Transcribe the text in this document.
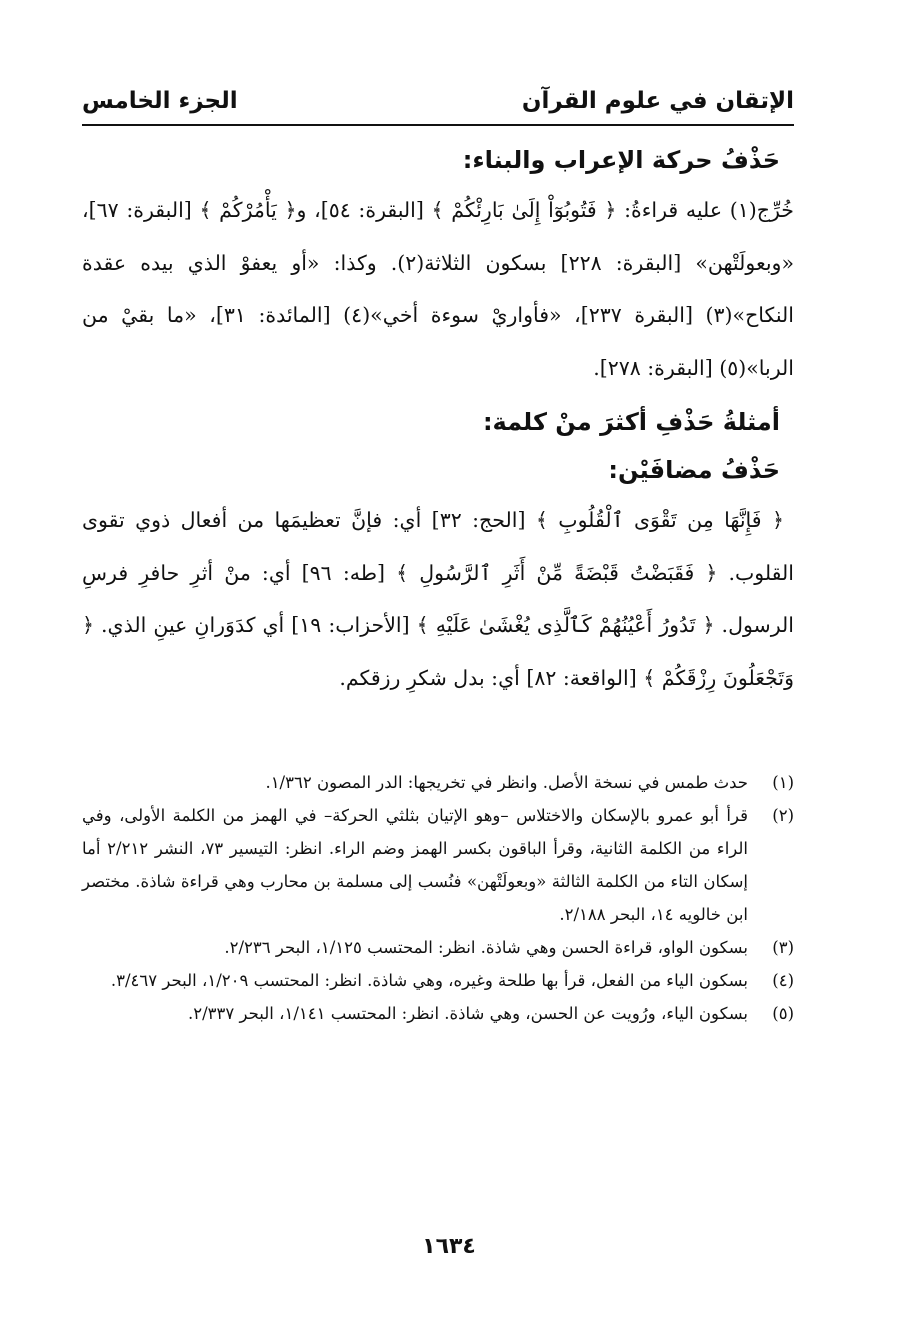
الإتقان في علوم القرآن
الجزء الخامس
حَذْفُ حركة الإعراب والبناء:

خُرِّج(١) عليه قراءةُ: ﴿ فَتُوبُوٓاْ إِلَىٰ بَارِئْكُمْ ﴾ [البقرة: ٥٤]، و﴿ يَأْمُرْكُمْ ﴾ [البقرة: ٦٧]، «وبعولَتْهن» [البقرة: ٢٢٨] بسكون الثلاثة(٢). وكذا: «أو يعفوْ الذي بيده عقدة النكاح»(٣) [البقرة ٢٣٧]، «فأواريْ سوءة أخي»(٤) [المائدة: ٣١]، «ما بقيْ من الربا»(٥) [البقرة: ٢٧٨].

أمثلةُ حَذْفِ أكثرَ منْ كلمة:
حَذْفُ مضافَيْن:

﴿ فَإِنَّهَا مِن تَقْوَى ٱلْقُلُوبِ ﴾ [الحج: ٣٢] أي: فإنَّ تعظيمَها من أفعال ذوي تقوى القلوب. ﴿ فَقَبَضْتُ قَبْضَةً مِّنْ أَثَرِ ٱلرَّسُولِ ﴾ [طه: ٩٦] أي: منْ أثرِ حافرِ فرسِ الرسول. ﴿ تَدُورُ أَعْيُنُهُمْ كَٱلَّذِى يُغْشَىٰ عَلَيْهِ ﴾ [الأحزاب: ١٩] أي كدَوَرانِ عينِ الذي. ﴿ وَتَجْعَلُونَ رِزْقَكُمْ ﴾ [الواقعة: ٨٢] أي: بدل شكرِ رزقكم.

(١)حدث طمس في نسخة الأصل. وانظر في تخريجها: الدر المصون ١/٣٦٢.

(٢)قرأ أبو عمرو بالإسكان والاختلاس –وهو الإتيان بثلثي الحركة– في الهمز من الكلمة الأولى، وفي الراء من الكلمة الثانية، وقرأ الباقون بكسر الهمز وضم الراء. انظر: التيسير ٧٣، النشر ٢/٢١٢ أما إسكان التاء من الكلمة الثالثة «وبعولَتْهن» فنُسب إلى مسلمة بن محارب وهي قراءة شاذة. مختصر ابن خالويه ١٤، البحر ٢/١٨٨.

(٣)بسكون الواو، قراءة الحسن وهي شاذة. انظر: المحتسب ١/١٢٥، البحر ٢/٢٣٦.

(٤)بسكون الياء من الفعل، قرأ بها طلحة وغيره، وهي شاذة. انظر: المحتسب ١/٢٠٩، البحر ٣/٤٦٧.

(٥)بسكون الياء، ورُويت عن الحسن، وهي شاذة. انظر: المحتسب ١/١٤١، البحر ٢/٣٣٧.

١٦٣٤
